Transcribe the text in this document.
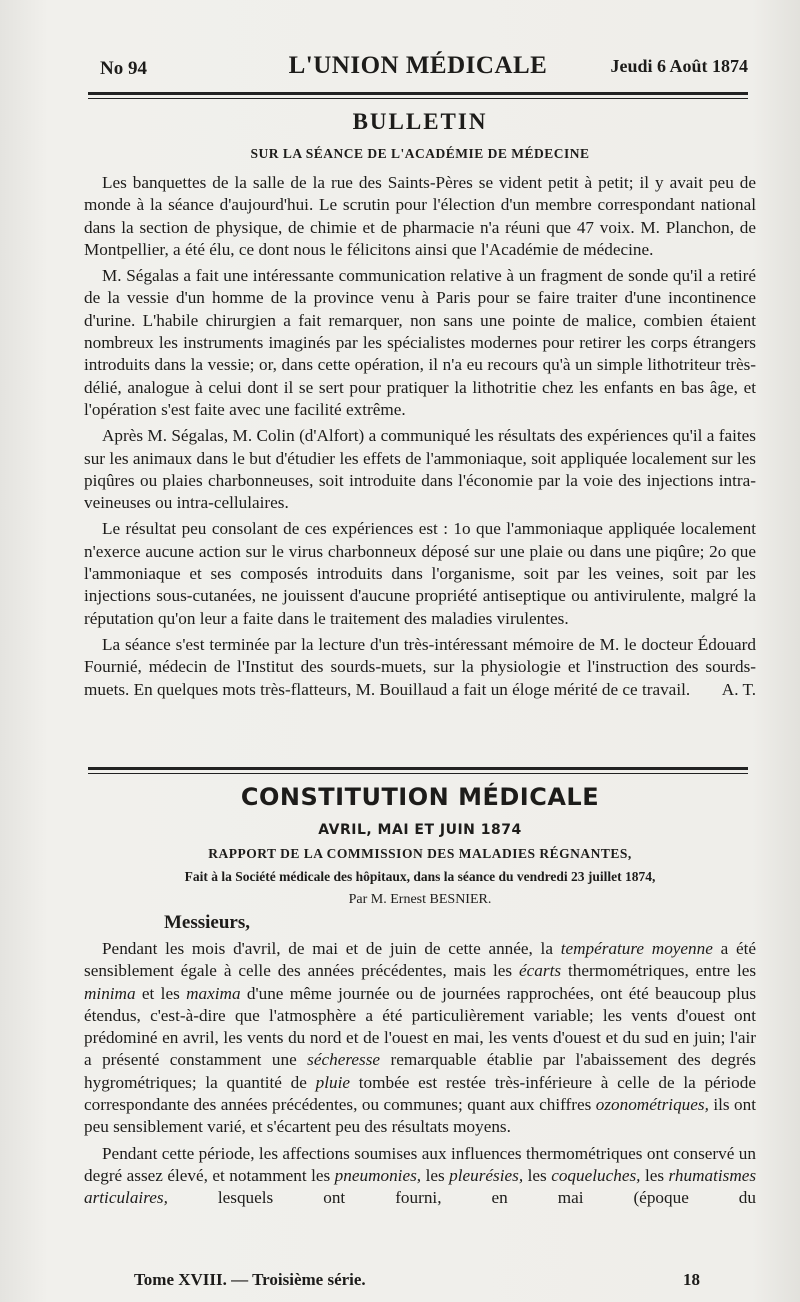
No 94	L'UNION MÉDICALE	Jeudi 6 Août 1874
BULLETIN
SUR LA SÉANCE DE L'ACADÉMIE DE MÉDECINE

Les banquettes de la salle de la rue des Saints-Pères se vident petit à petit; il y avait peu de monde à la séance d'aujourd'hui. Le scrutin pour l'élection d'un membre correspondant national dans la section de physique, de chimie et de pharmacie n'a réuni que 47 voix. M. Planchon, de Montpellier, a été élu, ce dont nous le félicitons ainsi que l'Académie de médecine.

M. Ségalas a fait une intéressante communication relative à un fragment de sonde qu'il a retiré de la vessie d'un homme de la province venu à Paris pour se faire traiter d'une incontinence d'urine. L'habile chirurgien a fait remarquer, non sans une pointe de malice, combien étaient nombreux les instruments imaginés par les spécialistes modernes pour retirer les corps étrangers introduits dans la vessie; or, dans cette opération, il n'a eu recours qu'à un simple lithotriteur très-délié, analogue à celui dont il se sert pour pratiquer la lithotritie chez les enfants en bas âge, et l'opération s'est faite avec une facilité extrême.

Après M. Ségalas, M. Colin (d'Alfort) a communiqué les résultats des expériences qu'il a faites sur les animaux dans le but d'étudier les effets de l'ammoniaque, soit appliquée localement sur les piqûres ou plaies charbonneuses, soit introduite dans l'économie par la voie des injections intra-veineuses ou intra-cellulaires.

Le résultat peu consolant de ces expériences est : 1o que l'ammoniaque appliquée localement n'exerce aucune action sur le virus charbonneux déposé sur une plaie ou dans une piqûre; 2o que l'ammoniaque et ses composés introduits dans l'organisme, soit par les veines, soit par les injections sous-cutanées, ne jouissent d'aucune propriété antiseptique ou antivirulente, malgré la réputation qu'on leur a faite dans le traitement des maladies virulentes.

La séance s'est terminée par la lecture d'un très-intéressant mémoire de M. le docteur Édouard Fournié, médecin de l'Institut des sourds-muets, sur la physiologie et l'instruction des sourds-muets. En quelques mots très-flatteurs, M. Bouillaud a fait un éloge mérité de ce travail.	A. T.

CONSTITUTION MÉDICALE
AVRIL, MAI ET JUIN 1874
RAPPORT DE LA COMMISSION DES MALADIES RÉGNANTES,
Fait à la Société médicale des hôpitaux, dans la séance du vendredi 23 juillet 1874,
Par M. Ernest BESNIER.
Messieurs,

Pendant les mois d'avril, de mai et de juin de cette année, la température moyenne a été sensiblement égale à celle des années précédentes, mais les écarts thermométriques, entre les minima et les maxima d'une même journée ou de journées rapprochées, ont été beaucoup plus étendus, c'est-à-dire que l'atmosphère a été particulièrement variable; les vents d'ouest ont prédominé en avril, les vents du nord et de l'ouest en mai, les vents d'ouest et du sud en juin; l'air a présenté constamment une sécheresse remarquable établie par l'abaissement des degrés hygrométriques; la quantité de pluie tombée est restée très-inférieure à celle de la période correspondante des années précédentes, ou communes; quant aux chiffres ozonométriques, ils ont peu sensiblement varié, et s'écartent peu des résultats moyens.

Pendant cette période, les affections soumises aux influences thermométriques ont conservé un degré assez élevé, et notamment les pneumonies, les pleurésies, les coqueluches, les rhumatismes articulaires,	lesquels ont fourni, en mai (époque du

Tome XVIII. — Troisième série.	18
